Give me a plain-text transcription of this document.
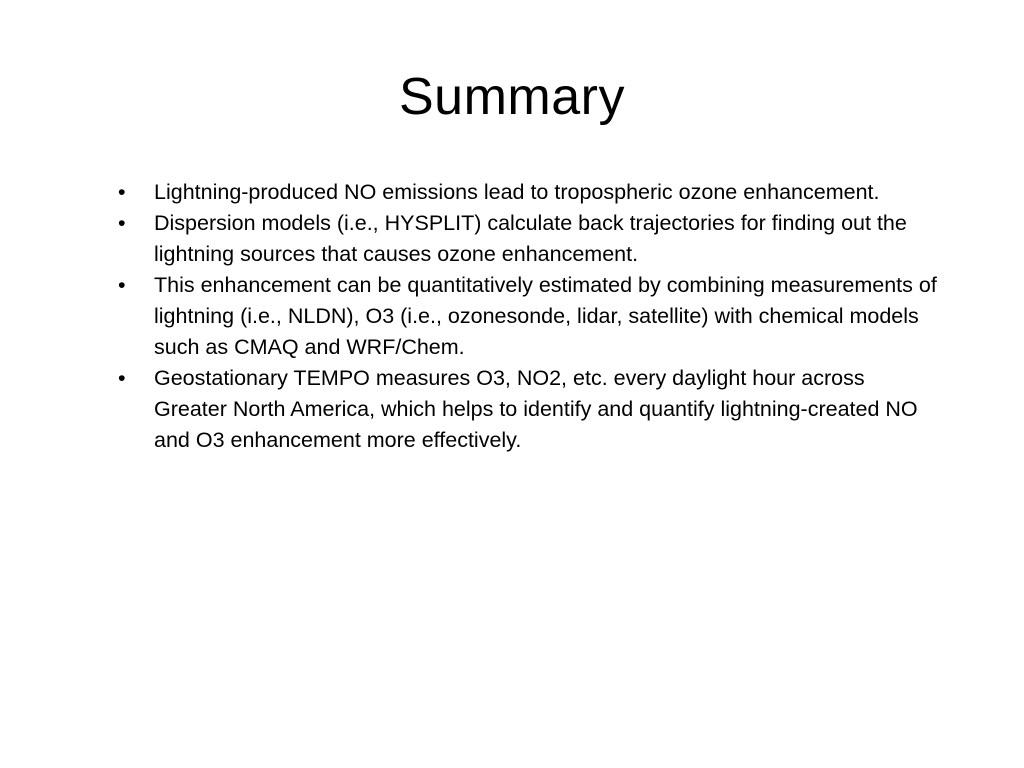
Summary
•	Lightning-produced NO emissions lead to tropospheric ozone enhancement.
•	Dispersion models (i.e., HYSPLIT) calculate back trajectories for finding out the lightning sources that causes ozone enhancement.
•	This enhancement can be quantitatively estimated by combining measurements of lightning (i.e., NLDN), O3 (i.e., ozonesonde, lidar, satellite) with chemical models such as CMAQ and WRF/Chem.
•	Geostationary TEMPO measures O3, NO2, etc. every daylight hour across Greater North America, which helps to identify and quantify lightning-created NO and O3 enhancement more effectively.
